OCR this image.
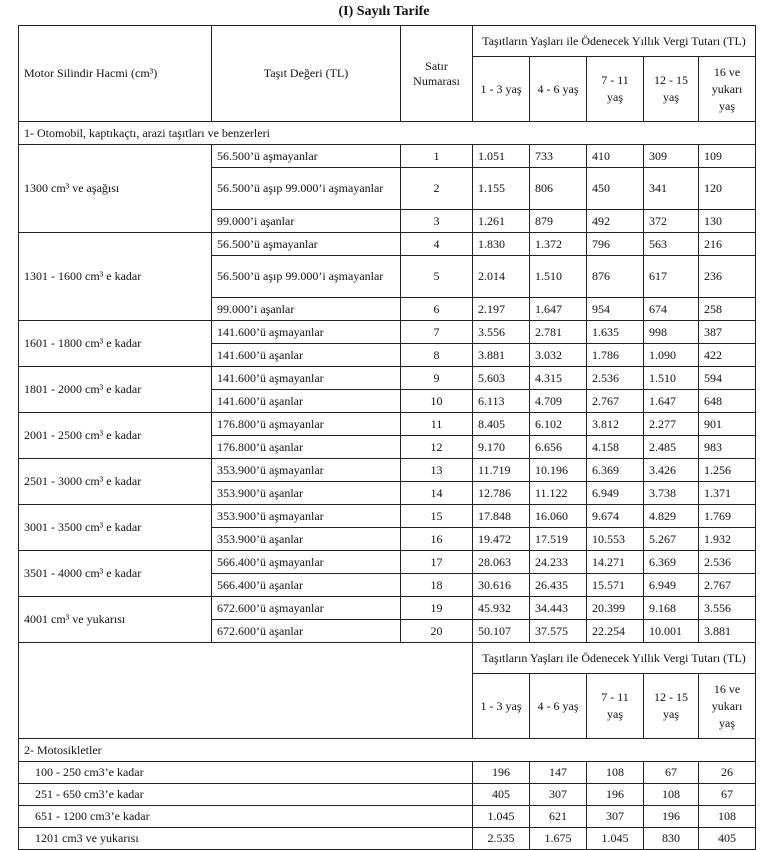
(I) Sayılı Tarife
Motor Silindir Hacmi (cm³)	Taşıt Değeri (TL)	Satır Numarası	Taşıtların Yaşları ile Ödenecek Yıllık Vergi Tutarı (TL)				
			1 - 3 yaş	4 - 6 yaş	7 - 11 yaş	12 - 15 yaş	16 ve yukarı yaş
1- Otomobil, kaptıkaçtı, arazi taşıtları ve benzerleri							
1300 cm³ ve aşağısı	56.500’ü aşmayanlar	1	1.051	733	410	309	109
	56.500’ü aşıp 99.000’i aşmayanlar	2	1.155	806	450	341	120
	99.000’i aşanlar	3	1.261	879	492	372	130
1301 - 1600 cm³ e kadar	56.500’ü aşmayanlar	4	1.830	1.372	796	563	216
	56.500’ü aşıp 99.000’i aşmayanlar	5	2.014	1.510	876	617	236
	99.000’i aşanlar	6	2.197	1.647	954	674	258
1601 - 1800 cm³ e kadar	141.600’ü aşmayanlar	7	3.556	2.781	1.635	998	387
	141.600’ü aşanlar	8	3.881	3.032	1.786	1.090	422
1801 - 2000 cm³ e kadar	141.600’ü aşmayanlar	9	5.603	4.315	2.536	1.510	594
	141.600’ü aşanlar	10	6.113	4.709	2.767	1.647	648
2001 - 2500 cm³ e kadar	176.800’ü aşmayanlar	11	8.405	6.102	3.812	2.277	901
	176.800’ü aşanlar	12	9.170	6.656	4.158	2.485	983
2501 - 3000 cm³ e kadar	353.900’ü aşmayanlar	13	11.719	10.196	6.369	3.426	1.256
	353.900’ü aşanlar	14	12.786	11.122	6.949	3.738	1.371
3001 - 3500 cm³ e kadar	353.900’ü aşmayanlar	15	17.848	16.060	9.674	4.829	1.769
	353.900’ü aşanlar	16	19.472	17.519	10.553	5.267	1.932
3501 - 4000 cm³ e kadar	566.400’ü aşmayanlar	17	28.063	24.233	14.271	6.369	2.536
	566.400’ü aşanlar	18	30.616	26.435	15.571	6.949	2.767
4001 cm³ ve yukarısı	672.600’ü aşmayanlar	19	45.932	34.443	20.399	9.168	3.556
	672.600’ü aşanlar	20	50.107	37.575	22.254	10.001	3.881
			Taşıtların Yaşları ile Ödenecek Yıllık Vergi Tutarı (TL)				
			1 - 3 yaş	4 - 6 yaş	7 - 11 yaş	12 - 15 yaş	16 ve yukarı yaş
2- Motosikletler							
100 - 250 cm3’e kadar			196	147	108	67	26
251 - 650 cm3’e kadar			405	307	196	108	67
651 - 1200 cm3’e kadar			1.045	621	307	196	108
1201 cm3 ve yukarısı			2.535	1.675	1.045	830	405
